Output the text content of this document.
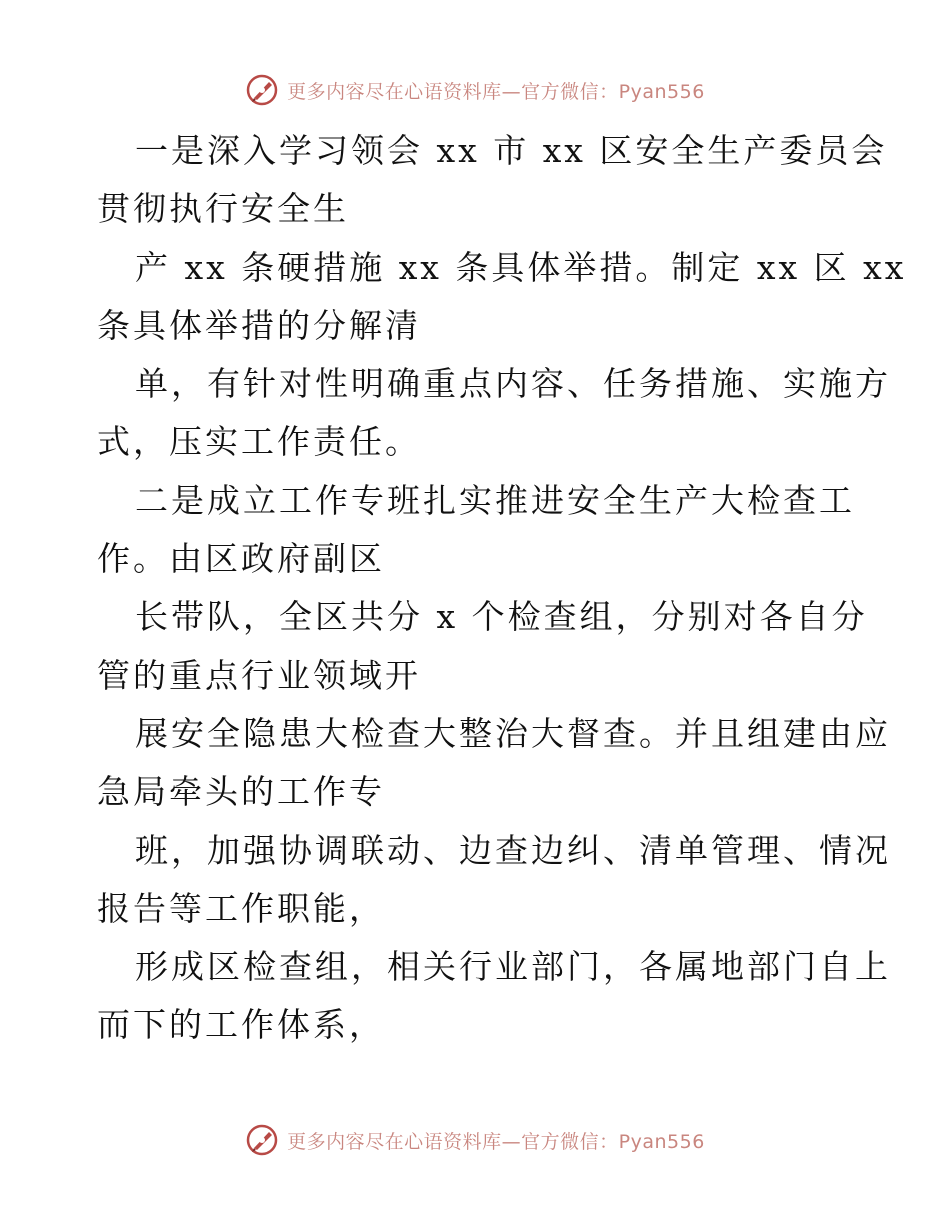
更多内容尽在心语资料库—官方微信：Pyan556
一是深入学习领会 xx 市 xx 区安全生产委员会
贯彻执行安全生
产 xx 条硬措施 xx 条具体举措。制定 xx 区 xx
条具体举措的分解清
单，有针对性明确重点内容、任务措施、实施方
式，压实工作责任。
二是成立工作专班扎实推进安全生产大检查工
作。由区政府副区
长带队，全区共分 x 个检查组，分别对各自分
管的重点行业领域开
展安全隐患大检查大整治大督查。并且组建由应
急局牵头的工作专
班，加强协调联动、边查边纠、清单管理、情况
报告等工作职能，
形成区检查组，相关行业部门，各属地部门自上
而下的工作体系，
更多内容尽在心语资料库—官方微信：Pyan556
